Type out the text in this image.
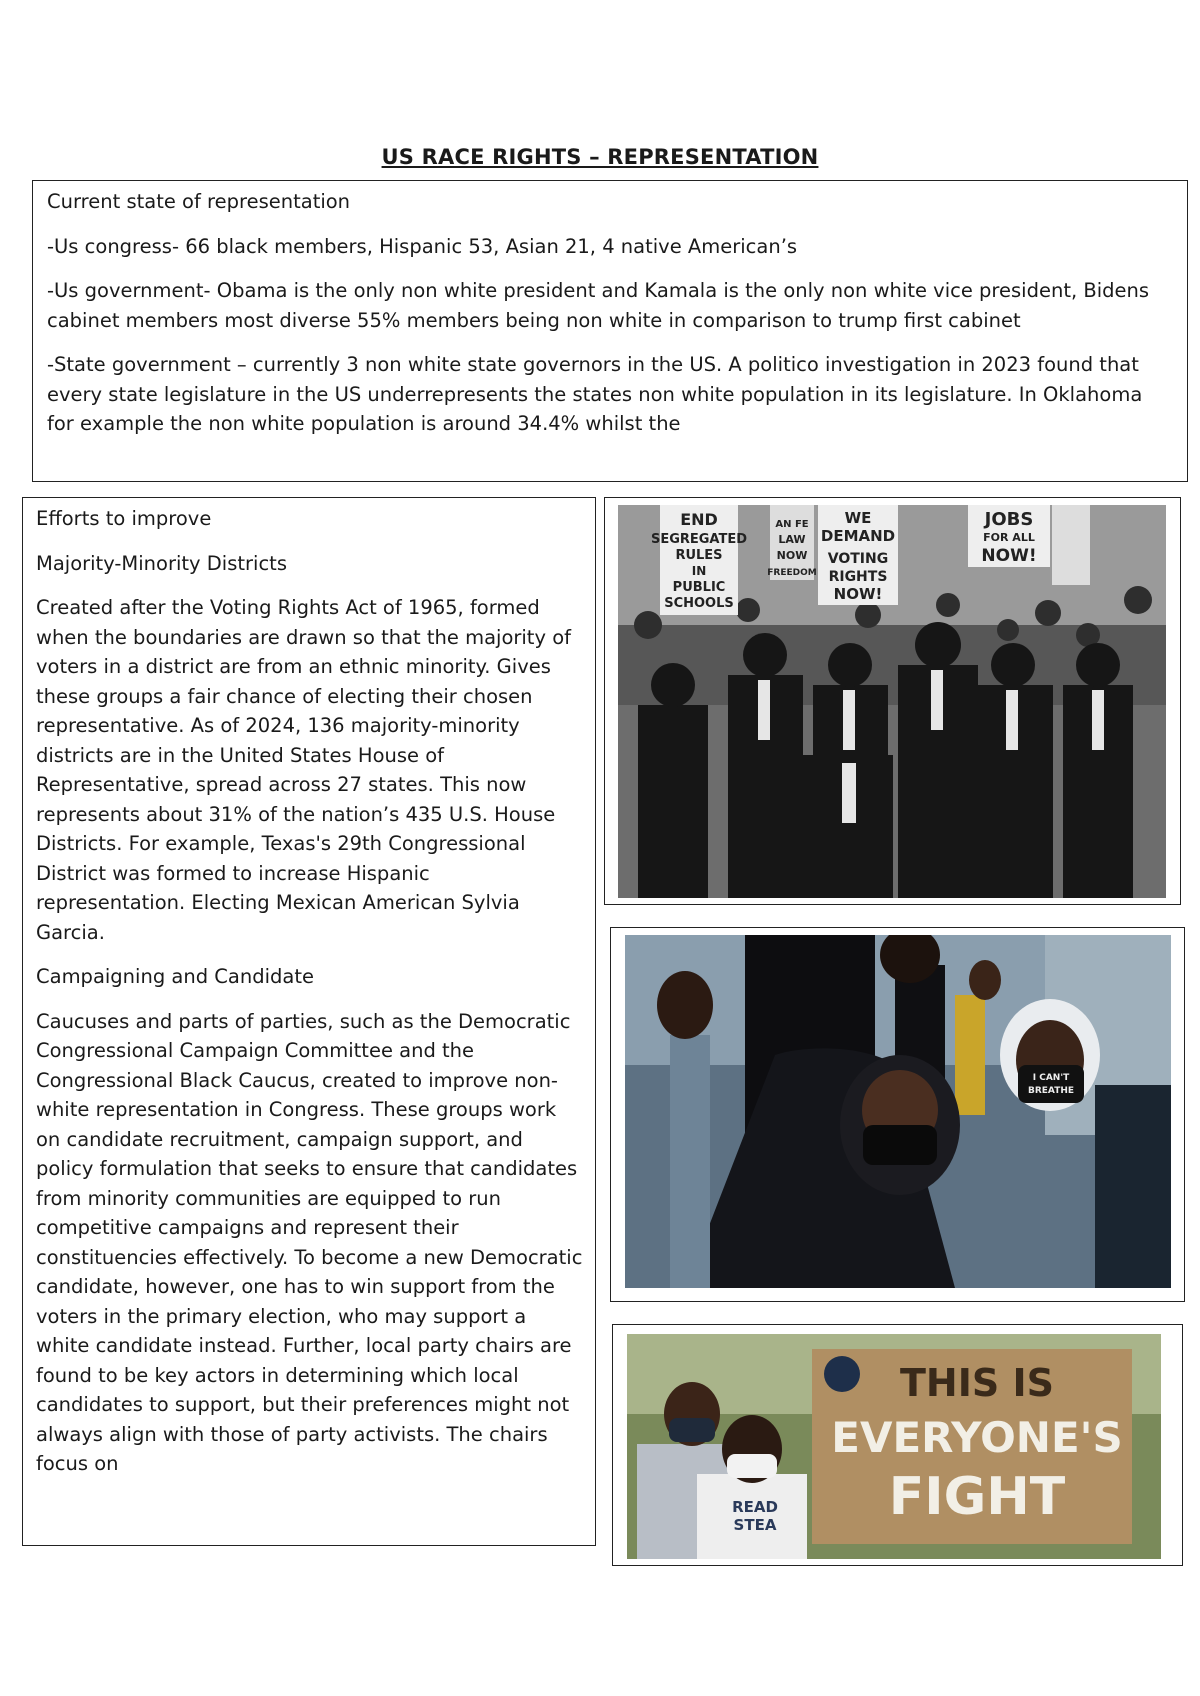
US RACE RIGHTS – REPRESENTATION

Current state of representation

-Us congress- 66 black members, Hispanic 53, Asian 21, 4 native American’s

-Us government- Obama is the only non white president and Kamala is the only non white vice president, Bidens cabinet members most diverse 55% members being non white in comparison to trump first cabinet

-State government – currently 3 non white state governors in the US. A politico investigation in 2023 found that every state legislature in the US underrepresents the states non white population in its legislature. In Oklahoma for example the non white population is around 34.4% whilst the

Efforts to improve

Majority-Minority Districts

Created after the Voting Rights Act of 1965, formed when the boundaries are drawn so that the majority of voters in a district are from an ethnic minority. Gives these groups a fair chance of electing their chosen representative. As of 2024, 136 majority-minority districts are in the United States House of Representative, spread across 27 states. This now represents about 31% of the nation’s 435 U.S. House Districts. For example, Texas's 29th Congressional District was formed to increase Hispanic representation. Electing Mexican American Sylvia Garcia.

Campaigning and Candidate

Caucuses and parts of parties, such as the Democratic Congressional Campaign Committee and the Congressional Black Caucus, created to improve non-white representation in Congress. These groups work on candidate recruitment, campaign support, and policy formulation that seeks to ensure that candidates from minority communities are equipped to run competitive campaigns and represent their constituencies effectively. To become a new Democratic candidate, however, one has to win support from the voters in the primary election, who may support a white candidate instead. Further, local party chairs are found to be key actors in determining which local candidates to support, but their preferences might not always align with those of party activists. The chairs focus on

END
SEGREGATED
RULES
IN
PUBLIC
SCHOOLS
WE
DEMAND
VOTING
RIGHTS
NOW!
JOBS
FOR ALL
NOW!
AN FE
LAW
NOW
FREEDOM
I CAN'T
BREATHE
READ
STEA
THIS IS
EVERYONE'S
FIGHT
